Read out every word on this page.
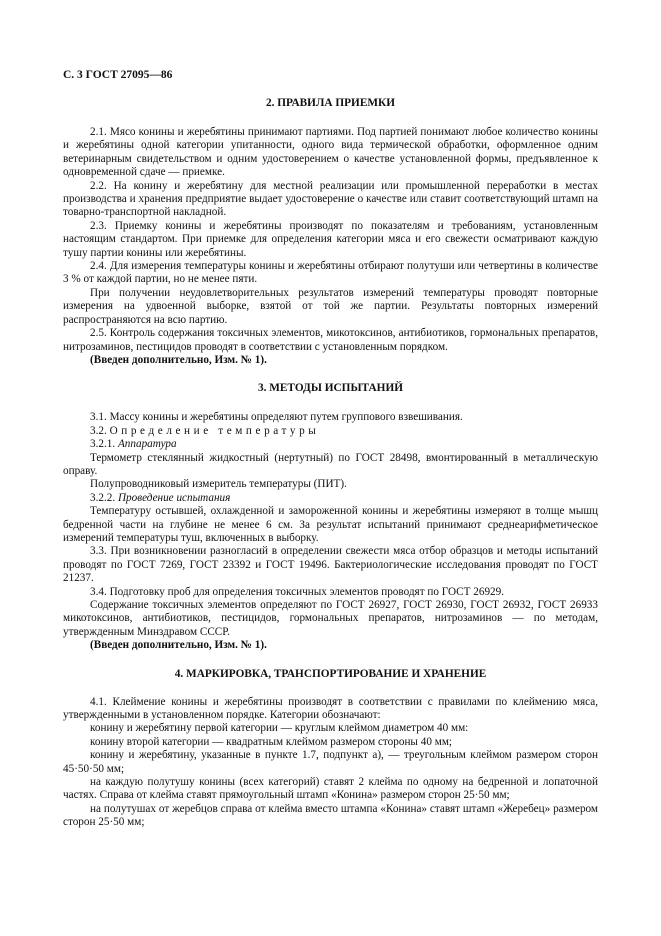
С. 3 ГОСТ 27095—86
2. ПРАВИЛА ПРИЕМКИ

2.1. Мясо конины и жеребятины принимают партиями. Под партией понимают любое количество конины и жеребятины одной категории упитанности, одного вида термической обработки, оформленное одним ветеринарным свидетельством и одним удостоверением о качестве установленной формы, предъявленное к одновременной сдаче — приемке.

2.2. На конину и жеребятину для местной реализации или промышленной переработки в местах производства и хранения предприятие выдает удостоверение о качестве или ставит соответствующий штамп на товарно-транспортной накладной.

2.3. Приемку конины и жеребятины производят по показателям и требованиям, установленным настоящим стандартом. При приемке для определения категории мяса и его свежести осматривают каждую тушу партии конины или жеребятины.

2.4. Для измерения температуры конины и жеребятины отбирают полутуши или четвертины в количестве 3 % от каждой партии, но не менее пяти.

При получении неудовлетворительных результатов измерений температуры проводят повторные измерения на удвоенной выборке, взятой от той же партии. Результаты повторных измерений распространяются на всю партию.

2.5. Контроль содержания токсичных элементов, микотоксинов, антибиотиков, гормональных препаратов, нитрозаминов, пестицидов проводят в соответствии с установленным порядком.

(Введен дополнительно, Изм. № 1).

3. МЕТОДЫ ИСПЫТАНИЙ

3.1. Массу конины и жеребятины определяют путем группового взвешивания.

3.2. Определение температуры

3.2.1. Аппаратура

Термометр стеклянный жидкостный (нертутный) по ГОСТ 28498, вмонтированный в металлическую оправу.

Полупроводниковый измеритель температуры (ПИТ).

3.2.2. Проведение испытания

Температуру остывшей, охлажденной и замороженной конины и жеребятины измеряют в толще мышц бедренной части на глубине не менее 6 см. За результат испытаний принимают среднеарифметическое измерений температуры туш, включенных в выборку.

3.3. При возникновении разногласий в определении свежести мяса отбор образцов и методы испытаний проводят по ГОСТ 7269, ГОСТ 23392 и ГОСТ 19496. Бактериологические исследования проводят по ГОСТ 21237.

3.4. Подготовку проб для определения токсичных элементов проводят по ГОСТ 26929.

Содержание токсичных элементов определяют по ГОСТ 26927, ГОСТ 26930, ГОСТ 26932, ГОСТ 26933 микотоксинов, антибиотиков, пестицидов, гормональных препаратов, нитрозаминов — по методам, утвержденным Минздравом СССР.

(Введен дополнительно, Изм. № 1).

4. МАРКИРОВКА, ТРАНСПОРТИРОВАНИЕ И ХРАНЕНИЕ

4.1. Клеймение конины и жеребятины производят в соответствии с правилами по клеймению мяса, утвержденными в установленном порядке. Категории обозначают:

конину и жеребятину первой категории — круглым клеймом диаметром 40 мм:

конину второй категории — квадратным клеймом размером стороны 40 мм;

конину и жеребятину, указанные в пункте 1.7, подпункт а), — треугольным клеймом размером сторон 45·50·50 мм;

на каждую полутушу конины (всех категорий) ставят 2 клейма по одному на бедренной и лопаточной частях. Справа от клейма ставят прямоугольный штамп «Конина» размером сторон 25·50 мм;

на полутушах от жеребцов справа от клейма вместо штампа «Конина» ставят штамп «Жеребец» размером сторон 25·50 мм;
